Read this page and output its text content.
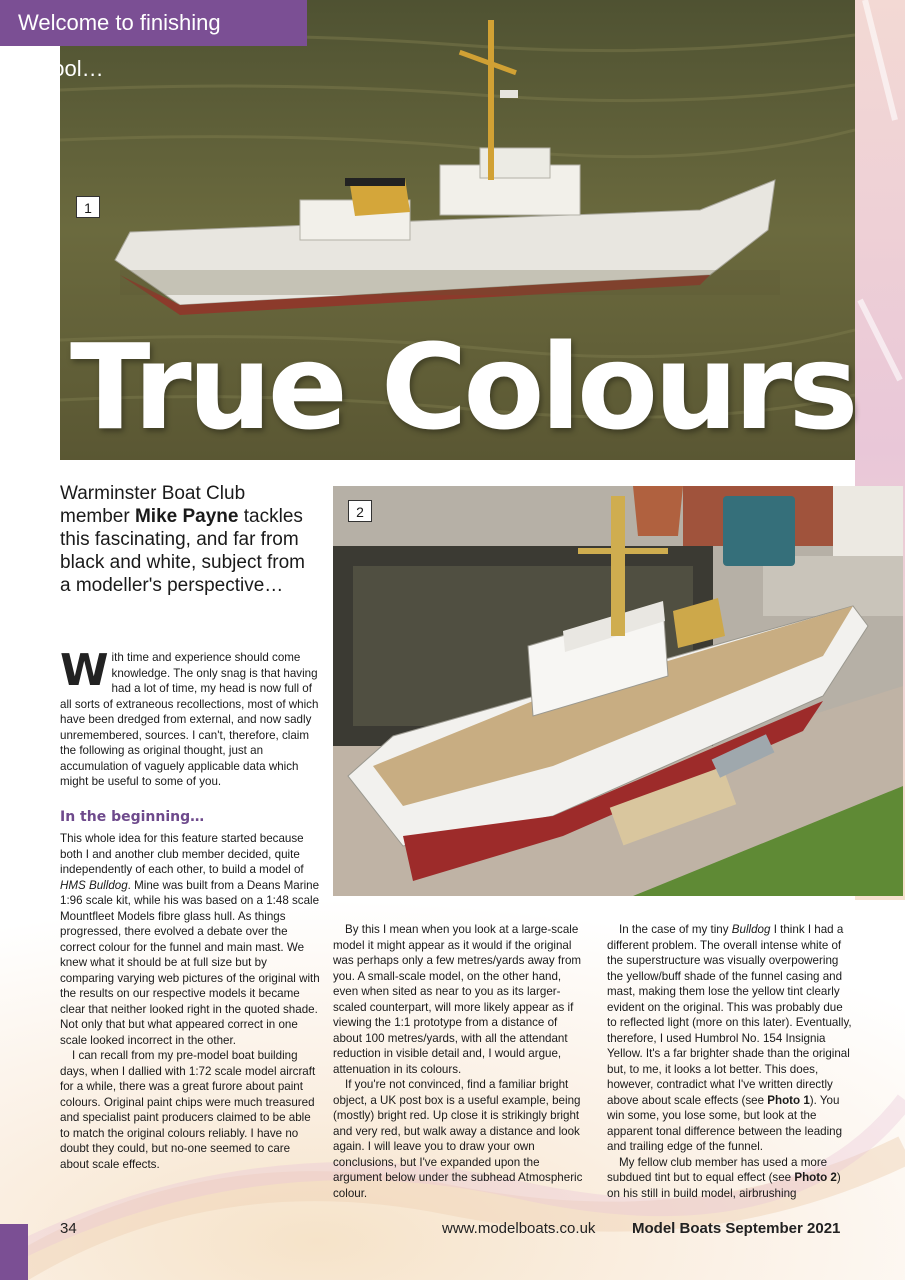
Welcome to finishing school…
1
True Colours
2
Warminster Boat Club member Mike Payne tackles this fascinating, and far from black and white, subject from a modeller's perspective…

With time and experience should come knowledge. The only snag is that having had a lot of time, my head is now full of all sorts of extraneous recollections, most of which have been dredged from external, and now sadly unremembered, sources. I can't, therefore, claim the following as original thought, just an accumulation of vaguely applicable data which might be useful to some of you.

In the beginning…

This whole idea for this feature started because both I and another club member decided, quite independently of each other, to build a model of HMS Bulldog. Mine was built from a Deans Marine 1:96 scale kit, while his was based on a 1:48 scale Mountfleet Models fibre glass hull. As things progressed, there evolved a debate over the correct colour for the funnel and main mast. We knew what it should be at full size but by comparing varying web pictures of the original with the results on our respective models it became clear that neither looked right in the quoted shade. Not only that but what appeared correct in one scale looked incorrect in the other.

I can recall from my pre-model boat building days, when I dallied with 1:72 scale model aircraft for a while, there was a great furore about paint colours. Original paint chips were much treasured and specialist paint producers claimed to be able to match the original colours reliably. I have no doubt they could, but no-one seemed to care about scale effects.

By this I mean when you look at a large-scale model it might appear as it would if the original was perhaps only a few metres/yards away from you. A small-scale model, on the other hand, even when sited as near to you as its larger-scaled counterpart, will more likely appear as if viewing the 1:1 prototype from a distance of about 100 metres/yards, with all the attendant reduction in visible detail and, I would argue, attenuation in its colours.

If you're not convinced, find a familiar bright object, a UK post box is a useful example, being (mostly) bright red. Up close it is strikingly bright and very red, but walk away a distance and look again. I will leave you to draw your own conclusions, but I've expanded upon the argument below under the subhead Atmospheric colour.

In the case of my tiny Bulldog I think I had a different problem. The overall intense white of the superstructure was visually overpowering the yellow/buff shade of the funnel casing and mast, making them lose the yellow tint clearly evident on the original. This was probably due to reflected light (more on this later). Eventually, therefore, I used Humbrol No. 154 Insignia Yellow. It's a far brighter shade than the original but, to me, it looks a lot better. This does, however, contradict what I've written directly above about scale effects (see Photo 1). You win some, you lose some, but look at the apparent tonal difference between the leading and trailing edge of the funnel.

My fellow club member has used a more subdued tint but to equal effect (see Photo 2) on his still in build model, airbrushing

34	www.modelboats.co.uk Model Boats September 2021
